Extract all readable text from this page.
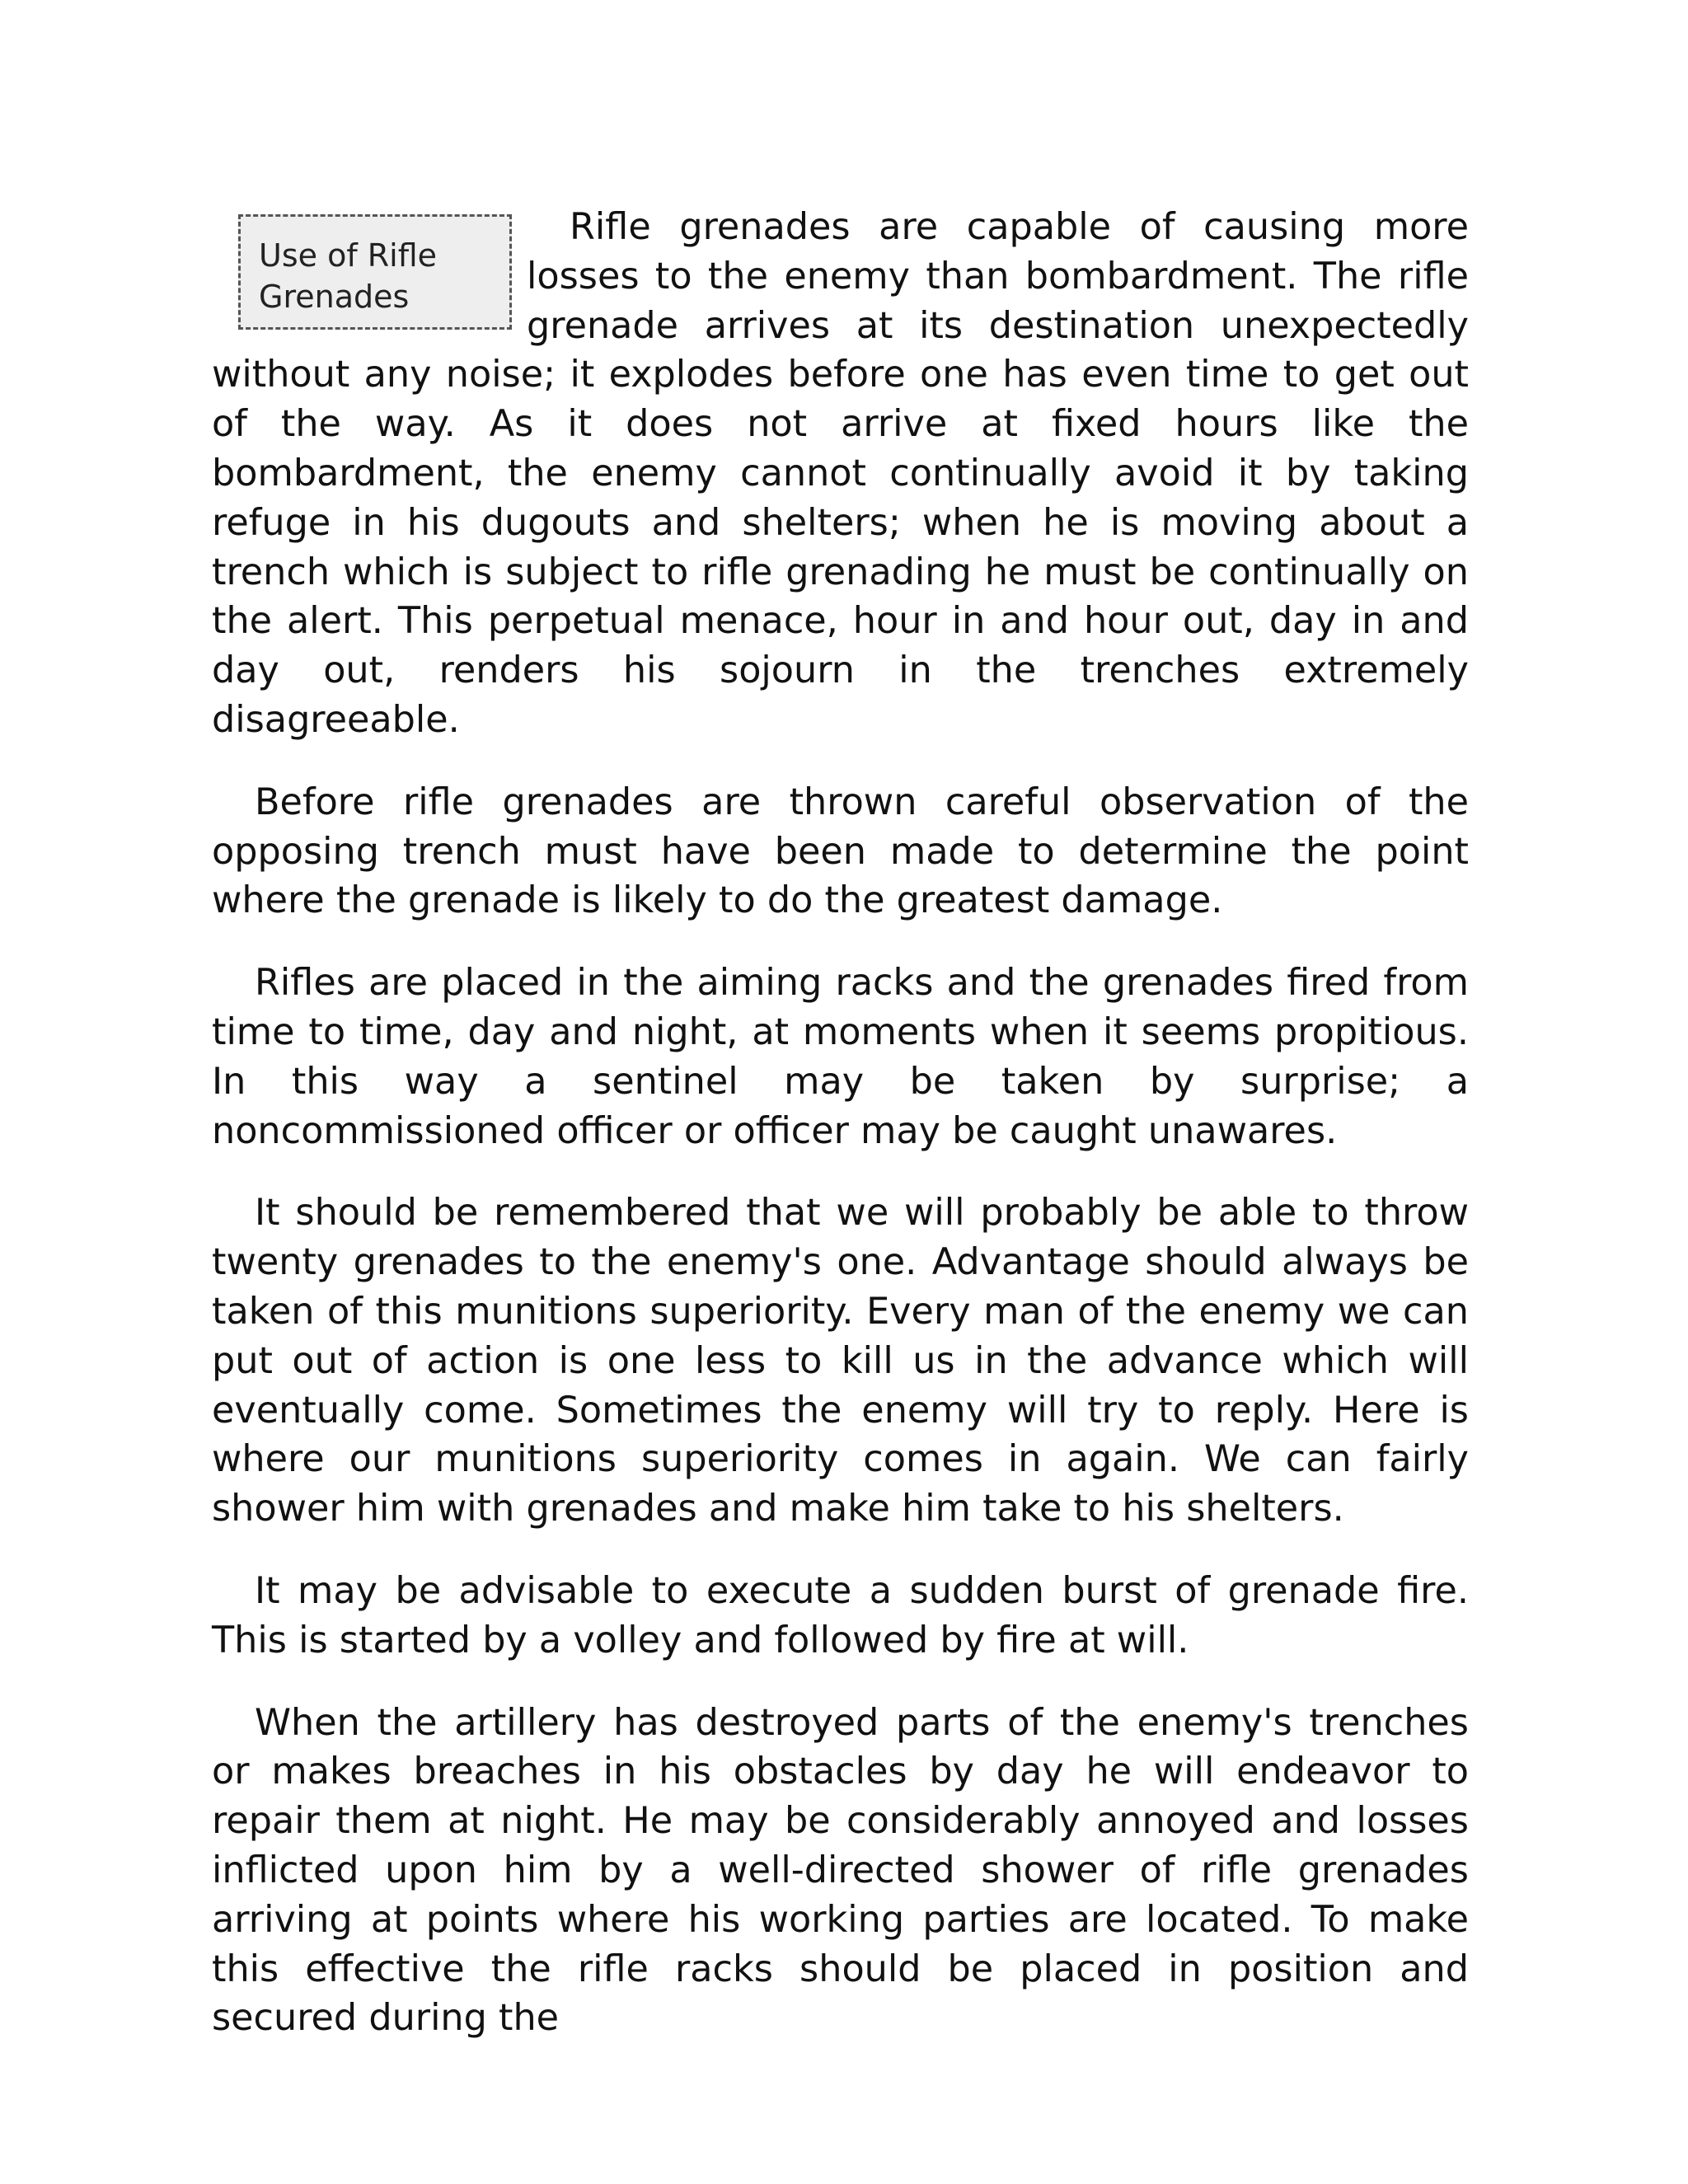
Use of Rifle Grenades
Rifle grenades are capable of causing more losses to the enemy than bombardment. The rifle grenade arrives at its destination unexpectedly without any noise; it explodes before one has even time to get out of the way. As it does not arrive at fixed hours like the bombardment, the enemy cannot continually avoid it by taking refuge in his dugouts and shelters; when he is moving about a trench which is subject to rifle grenading he must be continually on the alert. This perpetual menace, hour in and hour out, day in and day out, renders his sojourn in the trenches extremely disagreeable.

Before rifle grenades are thrown careful observation of the opposing trench must have been made to determine the point where the grenade is likely to do the greatest damage.

Rifles are placed in the aiming racks and the grenades fired from time to time, day and night, at moments when it seems propitious. In this way a sentinel may be taken by surprise; a noncommissioned officer or officer may be caught unawares.

It should be remembered that we will probably be able to throw twenty grenades to the enemy's one. Advantage should always be taken of this munitions superiority. Every man of the enemy we can put out of action is one less to kill us in the advance which will eventually come. Sometimes the enemy will try to reply. Here is where our munitions superiority comes in again. We can fairly shower him with grenades and make him take to his shelters.

It may be advisable to execute a sudden burst of grenade fire. This is started by a volley and followed by fire at will.

When the artillery has destroyed parts of the enemy's trenches or makes breaches in his obstacles by day he will endeavor to repair them at night. He may be considerably annoyed and losses inflicted upon him by a well-directed shower of rifle grenades arriving at points where his working parties are located. To make this effective the rifle racks should be placed in position and secured during the
